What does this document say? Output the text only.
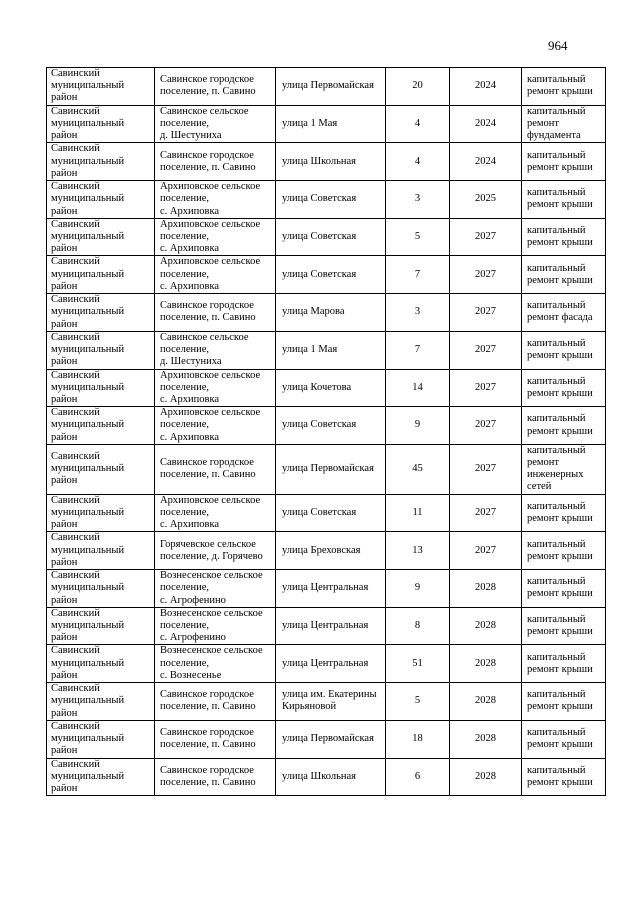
964
Савинский
муниципальный
район	Савинское городское
поселение, п. Савино	улица Первомайская	20	2024	капитальный
ремонт крыши

Савинский
муниципальный
район	Савинское сельское
поселение,
д. Шестуниха	улица 1 Мая	4	2024	капитальный
ремонт
фундамента

Савинский
муниципальный
район	Савинское городское
поселение, п. Савино	улица Школьная	4	2024	капитальный
ремонт крыши

Савинский
муниципальный
район	Архиповское сельское
поселение,
с. Архиповка	улица Советская	3	2025	капитальный
ремонт крыши

Савинский
муниципальный
район	Архиповское сельское
поселение,
с. Архиповка	улица Советская	5	2027	капитальный
ремонт крыши

Савинский
муниципальный
район	Архиповское сельское
поселение,
с. Архиповка	улица Советская	7	2027	капитальный
ремонт крыши

Савинский
муниципальный
район	Савинское городское
поселение, п. Савино	улица Марова	3	2027	капитальный
ремонт фасада

Савинский
муниципальный
район	Савинское сельское
поселение,
д. Шестуниха	улица 1 Мая	7	2027	капитальный
ремонт крыши

Савинский
муниципальный
район	Архиповское сельское
поселение,
с. Архиповка	улица Кочетова	14	2027	капитальный
ремонт крыши

Савинский
муниципальный
район	Архиповское сельское
поселение,
с. Архиповка	улица Советская	9	2027	капитальный
ремонт крыши

Савинский
муниципальный
район	Савинское городское
поселение, п. Савино	улица Первомайская	45	2027	капитальный
ремонт
инженерных
сетей

Савинский
муниципальный
район	Архиповское сельское
поселение,
с. Архиповка	улица Советская	11	2027	капитальный
ремонт крыши

Савинский
муниципальный
район	Горячевское сельское
поселение, д. Горячево	улица Бреховская	13	2027	капитальный
ремонт крыши

Савинский
муниципальный
район	Вознесенское сельское
поселение,
с. Агрофенино	улица Центральная	9	2028	капитальный
ремонт крыши

Савинский
муниципальный
район	Вознесенское сельское
поселение,
с. Агрофенино	улица Центральная	8	2028	капитальный
ремонт крыши

Савинский
муниципальный
район	Вознесенское сельское
поселение,
с. Вознесенье	улица Центральная	51	2028	капитальный
ремонт крыши

Савинский
муниципальный
район	Савинское городское
поселение, п. Савино	улица им. Екатерины
Кирьяновой	5	2028	капитальный
ремонт крыши

Савинский
муниципальный
район	Савинское городское
поселение, п. Савино	улица Первомайская	18	2028	капитальный
ремонт крыши

Савинский
муниципальный
район	Савинское городское
поселение, п. Савино	улица Школьная	6	2028	капитальный
ремонт крыши
